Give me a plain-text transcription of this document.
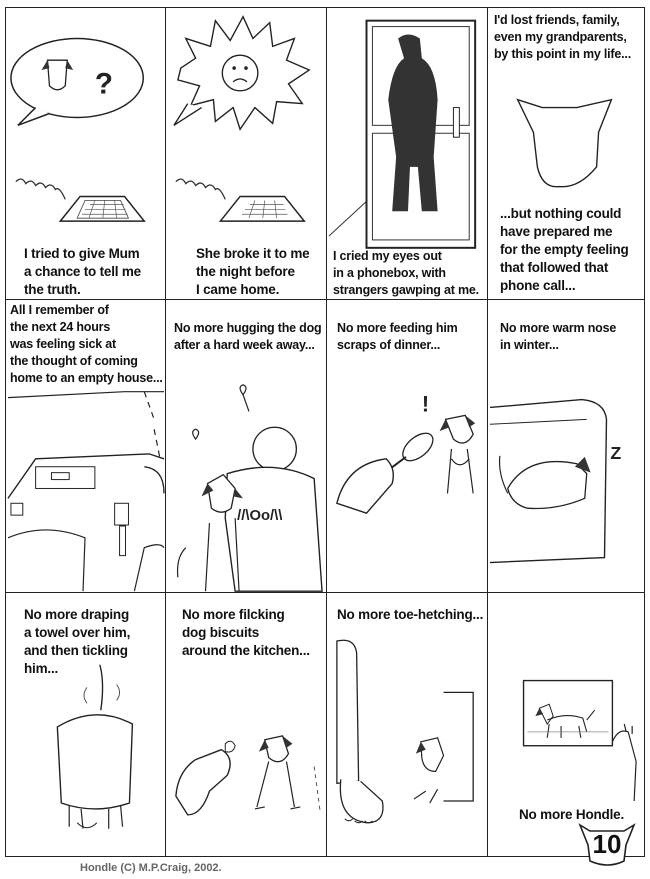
?
I tried to give Mum
a chance to tell me
the truth.
She broke it to me
the night before
I came home.
I cried my eyes out
in a phonebox, with
strangers gawping at me.
I'd lost friends, family,
even my grandparents,
by this point in my life...
...but nothing could
have prepared me
for the empty feeling
that followed that
phone call...
All I remember of
the next 24 hours
was feeling sick at
the thought of coming
home to an empty house...
//\Oo/\\
No more hugging the dog
after a hard week away...
!
No more feeding him
scraps of dinner...
Z
No more warm nose
in winter...
No more draping
a towel over him,
and then tickling him...
No more filcking
dog biscuits
around the kitchen...
No more toe-hetching...
No more Hondle.
Hondle (C) M.P.Craig, 2002.
10
